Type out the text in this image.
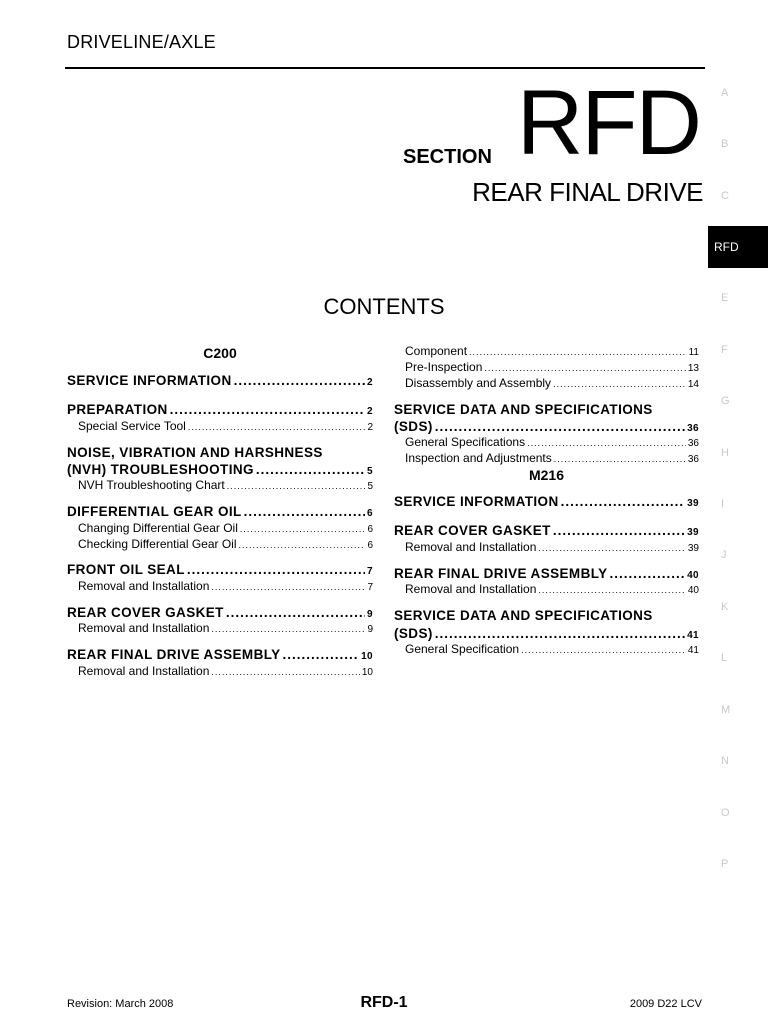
DRIVELINE/AXLE
SECTION RFD
REAR FINAL DRIVE
CONTENTS
C200
SERVICE INFORMATION .....	2
PREPARATION .....	2
Special Service Tool .....	2
NOISE, VIBRATION AND HARSHNESS
(NVH) TROUBLESHOOTING .....	5
NVH Troubleshooting Chart .....	5
DIFFERENTIAL GEAR OIL .....	6
Changing Differential Gear Oil .....	6
Checking Differential Gear Oil .....	6
FRONT OIL SEAL .....	7
Removal and Installation .....	7
REAR COVER GASKET .....	9
Removal and Installation .....	9
REAR FINAL DRIVE ASSEMBLY .....	10
Removal and Installation .....	10
Component .....	11
Pre-Inspection .....	13
Disassembly and Assembly .....	14
SERVICE DATA AND SPECIFICATIONS
(SDS) .....	36
General Specifications .....	36
Inspection and Adjustments .....	36
M216
SERVICE INFORMATION .....	39
REAR COVER GASKET .....	39
Removal and Installation .....	39
REAR FINAL DRIVE ASSEMBLY .....	40
Removal and Installation .....	40
SERVICE DATA AND SPECIFICATIONS
(SDS) .....	41
General Specification .....	41
A
B
C
RFD
E
F
G
H
I
J
K
L
M
N
O
P
Revision: March 2008	RFD-1	2009 D22 LCV
